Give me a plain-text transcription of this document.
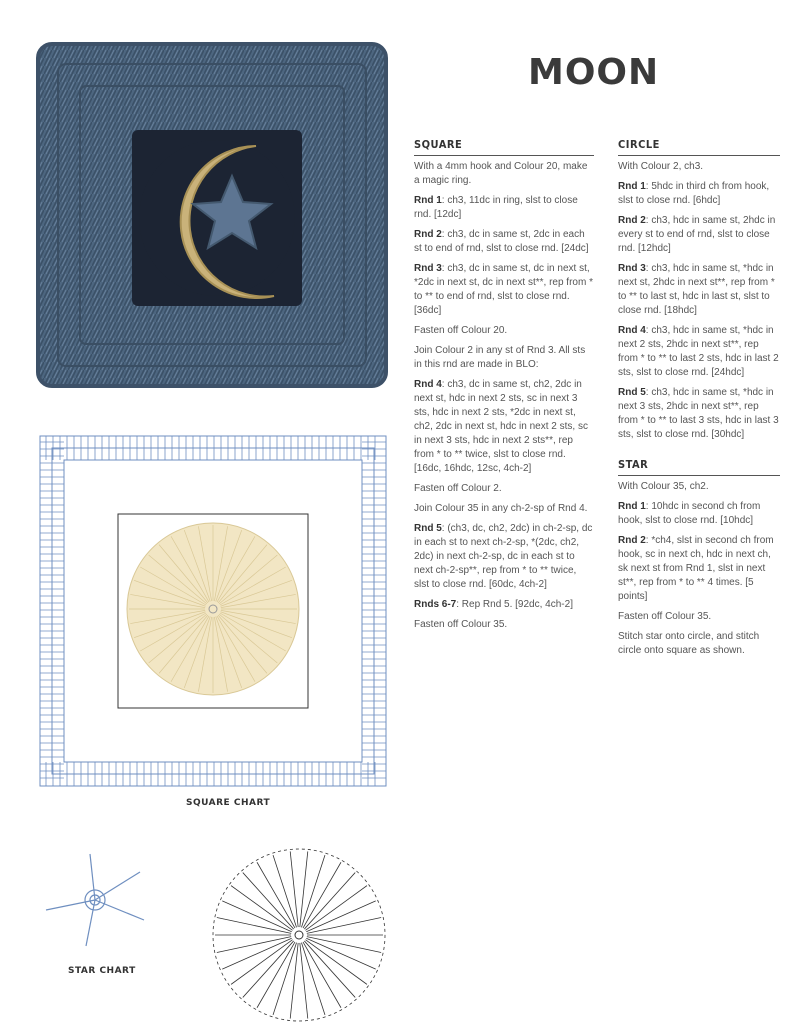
MOON
SQUARE CHART
STAR CHART
SQUARE

With a 4mm hook and Colour 20, make a magic ring.

Rnd 1: ch3, 11dc in ring, slst to close rnd. [12dc]

Rnd 2: ch3, dc in same st, 2dc in each st to end of rnd, slst to close rnd. [24dc]

Rnd 3: ch3, dc in same st, dc in next st, *2dc in next st, dc in next st**, rep from * to ** to end of rnd, slst to close rnd. [36dc]

Fasten off Colour 20.

Join Colour 2 in any st of Rnd 3. All sts in this rnd are made in BLO:

Rnd 4: ch3, dc in same st, ch2, 2dc in next st, hdc in next 2 sts, sc in next 3 sts, hdc in next 2 sts, *2dc in next st, ch2, 2dc in next st, hdc in next 2 sts, sc in next 3 sts, hdc in next 2 sts**, rep from * to ** twice, slst to close rnd. [16dc, 16hdc, 12sc, 4ch-2]

Fasten off Colour 2.

Join Colour 35 in any ch-2-sp of Rnd 4.

Rnd 5: (ch3, dc, ch2, 2dc) in ch-2-sp, dc in each st to next ch-2-sp, *(2dc, ch2, 2dc) in next ch-2-sp, dc in each st to next ch-2-sp**, rep from * to ** twice, slst to close rnd. [60dc, 4ch-2]

Rnds 6-7: Rep Rnd 5. [92dc, 4ch-2]

Fasten off Colour 35.

CIRCLE

With Colour 2, ch3.

Rnd 1: 5hdc in third ch from hook, slst to close rnd. [6hdc]

Rnd 2: ch3, hdc in same st, 2hdc in every st to end of rnd, slst to close rnd. [12hdc]

Rnd 3: ch3, hdc in same st, *hdc in next st, 2hdc in next st**, rep from * to ** to last st, hdc in last st, slst to close rnd. [18hdc]

Rnd 4: ch3, hdc in same st, *hdc in next 2 sts, 2hdc in next st**, rep from * to ** to last 2 sts, hdc in last 2 sts, slst to close rnd. [24hdc]

Rnd 5: ch3, hdc in same st, *hdc in next 3 sts, 2hdc in next st**, rep from * to ** to last 3 sts, hdc in last 3 sts, slst to close rnd. [30hdc]

STAR

With Colour 35, ch2.

Rnd 1: 10hdc in second ch from hook, slst to close rnd. [10hdc]

Rnd 2: *ch4, slst in second ch from hook, sc in next ch, hdc in next ch, sk next st from Rnd 1, slst in next st**, rep from * to ** 4 times. [5 points]

Fasten off Colour 35.

Stitch star onto circle, and stitch circle onto square as shown.
